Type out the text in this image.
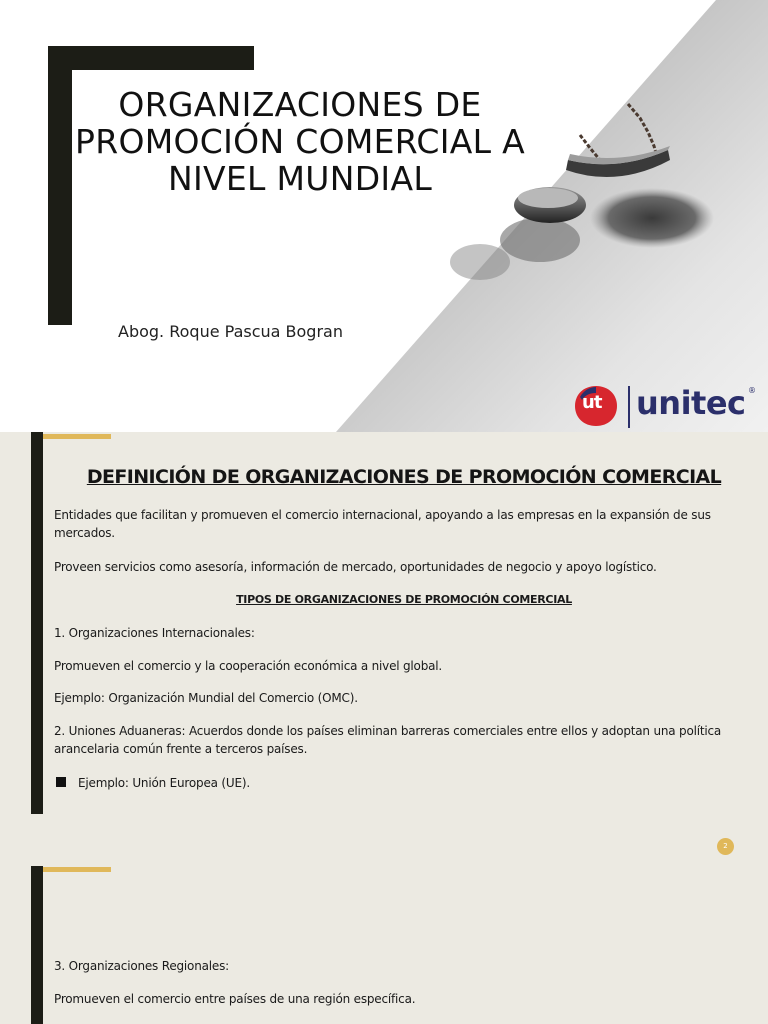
ORGANIZACIONES DE
PROMOCIÓN COMERCIAL A
NIVEL MUNDIAL
Abog. Roque Pascua Bogran
ut unitec ®
DEFINICIÓN DE ORGANIZACIONES DE PROMOCIÓN COMERCIAL
Entidades que facilitan y promueven el comercio internacional, apoyando a las empresas en la expansión de sus mercados.
Proveen servicios como asesoría, información de mercado, oportunidades de negocio y apoyo logístico.
TIPOS DE ORGANIZACIONES DE PROMOCIÓN COMERCIAL
1. Organizaciones Internacionales:
Promueven el comercio y la cooperación económica a nivel global.
Ejemplo: Organización Mundial del Comercio (OMC).
2. Uniones Aduaneras: Acuerdos donde los países eliminan barreras comerciales entre ellos y adoptan una política arancelaria común frente a terceros países.
Ejemplo: Unión Europea (UE).
2
3. Organizaciones Regionales:
Promueven el comercio entre países de una región específica.
